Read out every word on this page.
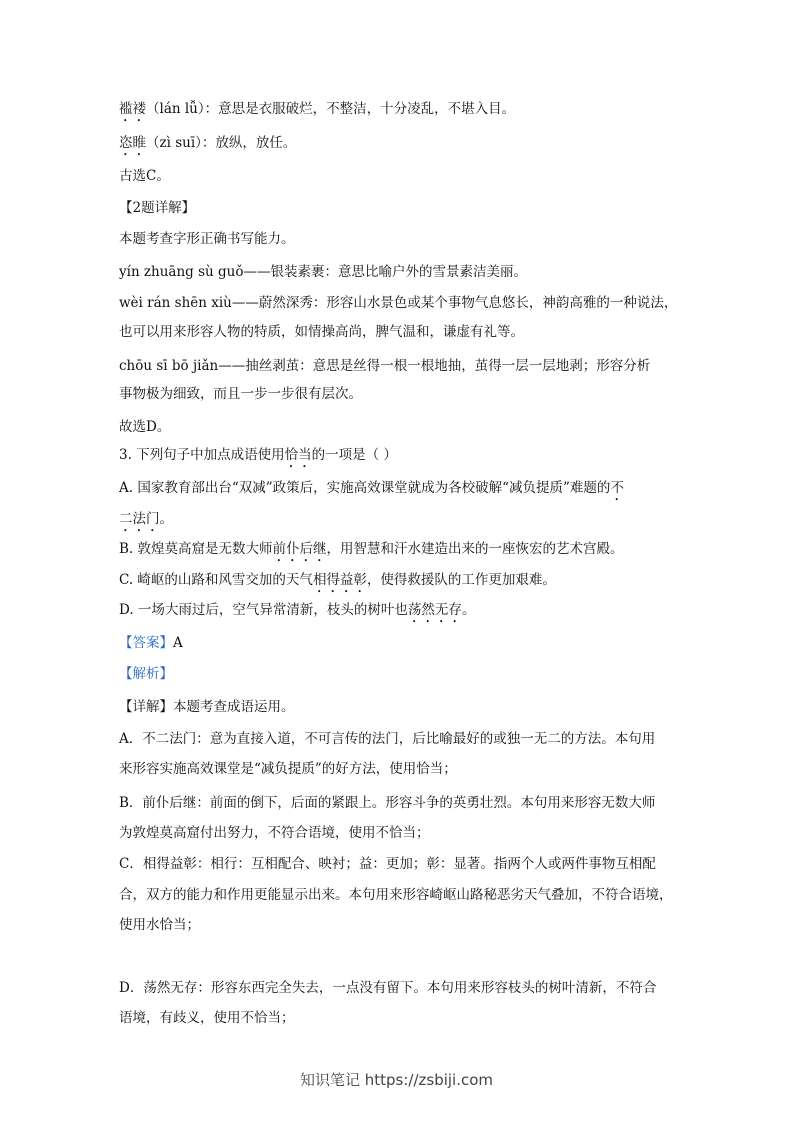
褴褛（lán lǚ）：意思是衣服破烂，不整洁，十分凌乱，不堪入目。
恣睢（zì suī）：放纵，放任。
古选C。
【2题详解】
本题考查字形正确书写能力。
yín zhuāng sù guǒ——银装素裹：意思比喻户外的雪景素洁美丽。
wèi rán shēn xiù——蔚然深秀：形容山水景色或某个事物气息悠长，神韵高雅的一种说法，
也可以用来形容人物的特质，如情操高尚，脾气温和，谦虚有礼等。
chōu sī bō jiǎn——抽丝剥茧：意思是丝得一根一根地抽，茧得一层一层地剥；形容分析
事物极为细致，而且一步一步很有层次。
故选D。
3. 下列句子中加点成语使用恰当的一项是（ ）
A. 国家教育部出台“双减”政策后，实施高效课堂就成为各校破解“减负提质”难题的不
二法门。
B. 敦煌莫高窟是无数大师前仆后继，用智慧和汗水建造出来的一座恢宏的艺术宫殿。
C. 崎岖的山路和风雪交加的天气相得益彰，使得救援队的工作更加艰难。
D. 一场大雨过后，空气异常清新，枝头的树叶也荡然无存。
【答案】A
【解析】
【详解】本题考查成语运用。
A．不二法门：意为直接入道，不可言传的法门，后比喻最好的或独一无二的方法。本句用
来形容实施高效课堂是“减负提质”的好方法，使用恰当；
B．前仆后继：前面的倒下，后面的紧跟上。形容斗争的英勇壮烈。本句用来形容无数大师
为敦煌莫高窟付出努力，不符合语境，使用不恰当；
C．相得益彰：相行：互相配合、映衬；益：更加；彰：显著。指两个人或两件事物互相配
合，双方的能力和作用更能显示出来。本句用来形容崎岖山路秘恶劣天气叠加，不符合语境，
使用水恰当；
D．荡然无存：形容东西完全失去，一点没有留下。本句用来形容枝头的树叶清新，不符合
语境，有歧义，使用不恰当；
知识笔记 https://zsbiji.com
